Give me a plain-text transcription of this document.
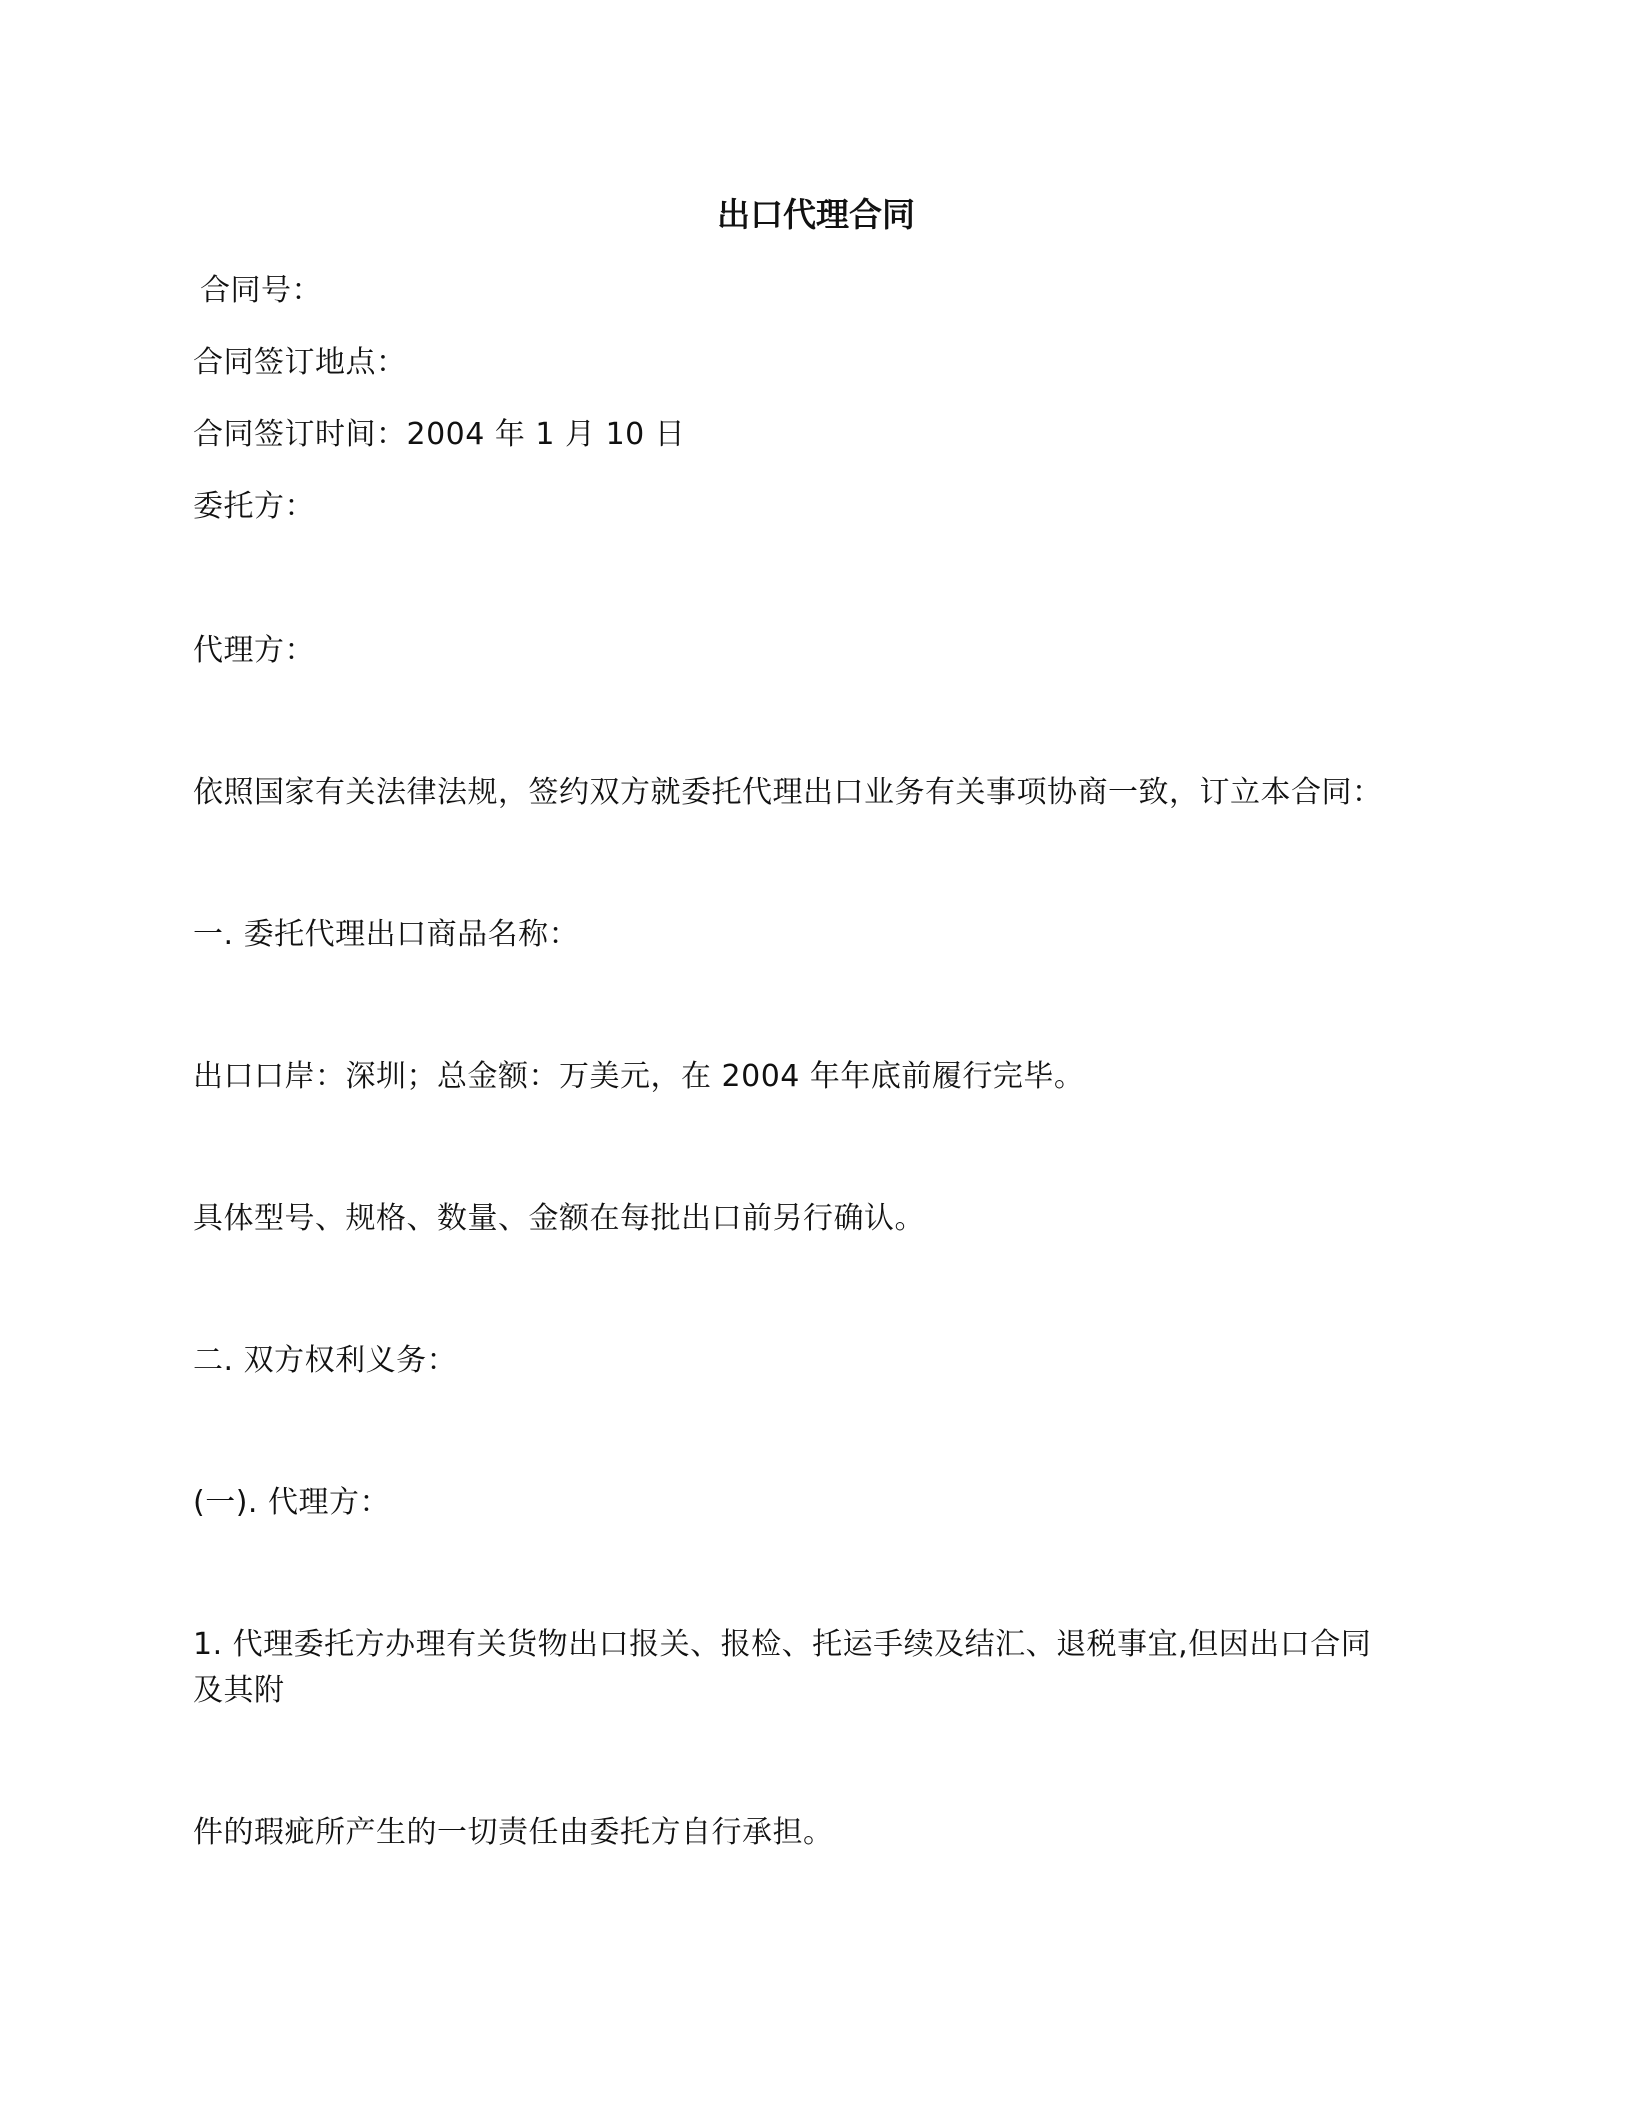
出口代理合同
合同号：
合同签订地点：
合同签订时间：2004 年 1 月 10 日
委托方：
代理方：
依照国家有关法律法规，签约双方就委托代理出口业务有关事项协商一致，订立本合同：
一. 委托代理出口商品名称：
出口口岸：深圳；总金额：万美元，在 2004 年年底前履行完毕。
具体型号、规格、数量、金额在每批出口前另行确认。
二. 双方权利义务：
(一). 代理方：
1. 代理委托方办理有关货物出口报关、报检、托运手续及结汇、退税事宜,但因出口合同
及其附
件的瑕疵所产生的一切责任由委托方自行承担。
